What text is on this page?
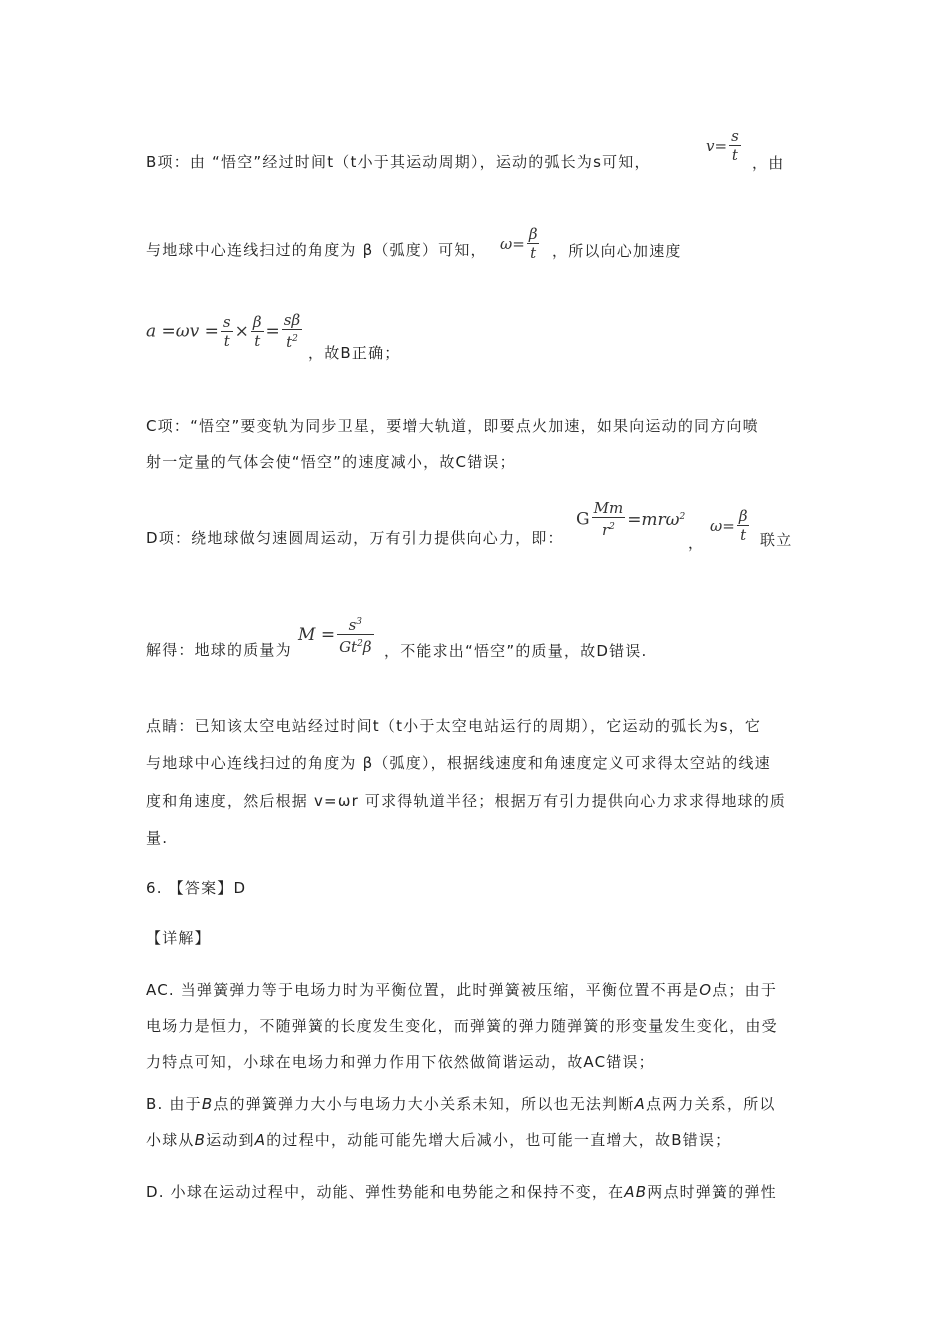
B项：由 “悟空”经过时间t（t小于其运动周期），运动的弧长为s可知，
$v= \frac{s}{t}$ ，由
与地球中心连线扫过的角度为 β（弧度）可知， $\omega= \frac{\beta}{t}$ ，所以向心加速度
$a =\omega v = \frac{s}{t} \times \frac{\beta}{t} = \frac{s\beta}{t^2}$
，故B正确；
C项：“悟空”要变轨为同步卫星，要增大轨道，即要点火加速，如果向运动的同方向喷
射一定量的气体会使“悟空”的速度减小，故C错误；
D项：绕地球做匀速圆周运动，万有引力提供向心力，即：
G $\frac{Mm}{r^2} =mr\omega^2$
，
$\omega= \frac{\beta}{t}$ 联立
解得：地球的质量为
$M = \frac{s^3}{Gt^2\beta}$ ，不能求出“悟空”的质量，故D错误.
点睛：已知该太空电站经过时间t（t小于太空电站运行的周期），它运动的弧长为s，它
与地球中心连线扫过的角度为 β（弧度），根据线速度和角速度定义可求得太空站的线速
度和角速度，然后根据 v=ωr 可求得轨道半径；根据万有引力提供向心力求求得地球的质
量.
6. 【答案】D
【详解】
AC. 当弹簧弹力等于电场力时为平衡位置，此时弹簧被压缩，平衡位置不再是O点；由于
电场力是恒力，不随弹簧的长度发生变化，而弹簧的弹力随弹簧的形变量发生变化，由受
力特点可知，小球在电场力和弹力作用下依然做简谐运动，故AC错误；
B. 由于B点的弹簧弹力大小与电场力大小关系未知，所以也无法判断A点两力关系，所以
小球从B运动到A的过程中，动能可能先增大后减小，也可能一直增大，故B错误；
D. 小球在运动过程中，动能、弹性势能和电势能之和保持不变，在AB两点时弹簧的弹性
